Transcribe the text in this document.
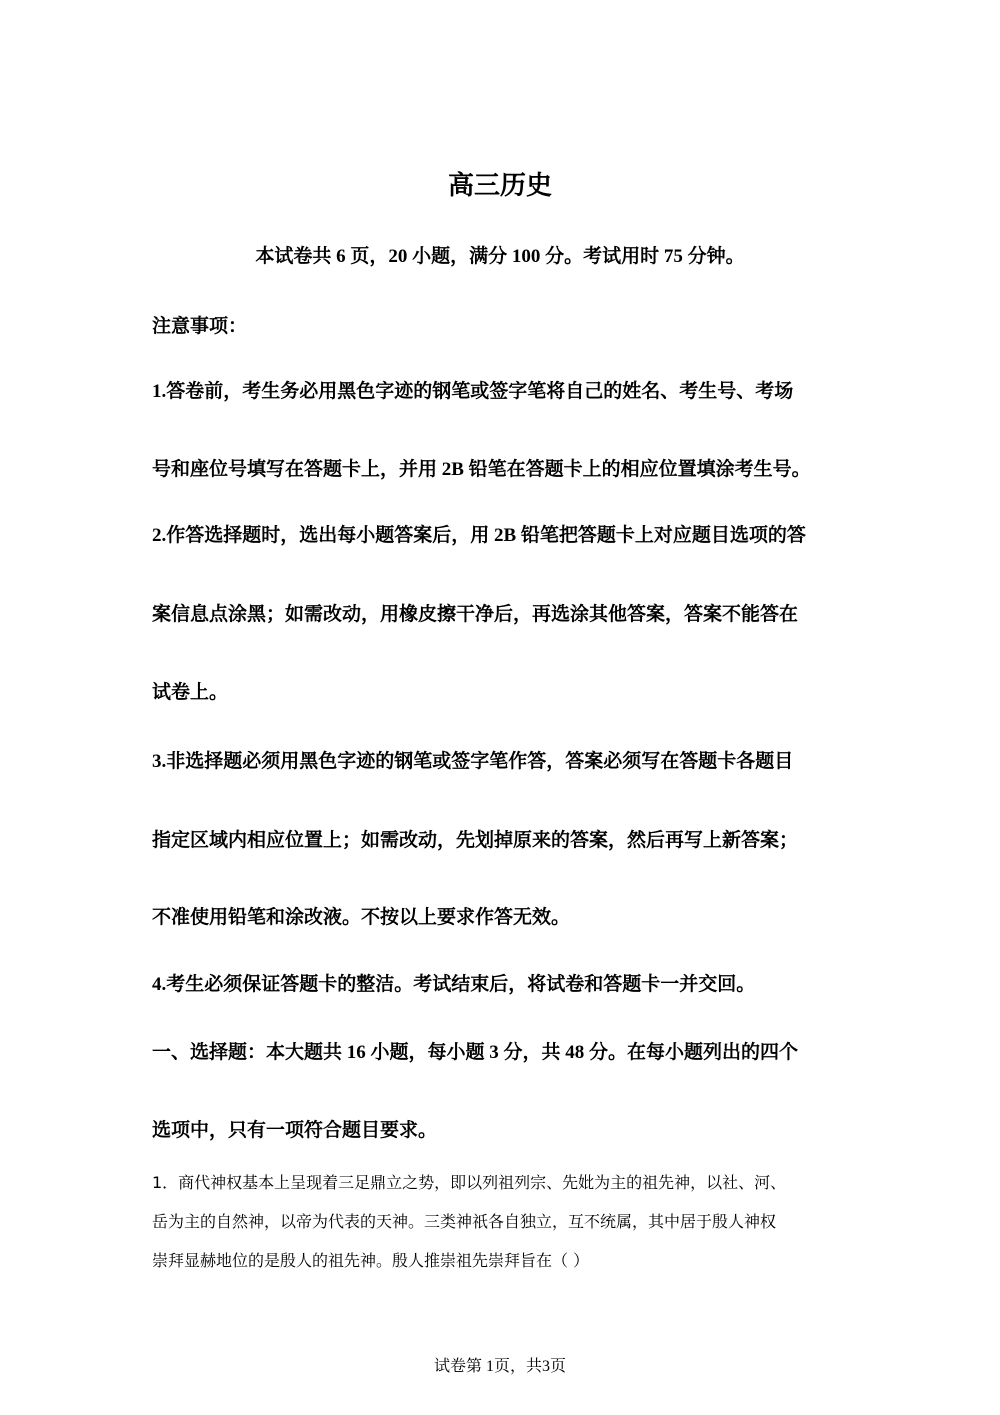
高三历史
本试卷共 6 页，20 小题，满分 100 分。考试用时 75 分钟。
注意事项：
1.答卷前，考生务必用黑色字迹的钢笔或签字笔将自己的姓名、考生号、考场
号和座位号填写在答题卡上，并用 2B 铅笔在答题卡上的相应位置填涂考生号。
2.作答选择题时，选出每小题答案后，用 2B 铅笔把答题卡上对应题目选项的答
案信息点涂黑；如需改动，用橡皮擦干净后，再选涂其他答案，答案不能答在
试卷上。
3.非选择题必须用黑色字迹的钢笔或签字笔作答，答案必须写在答题卡各题目
指定区域内相应位置上；如需改动，先划掉原来的答案，然后再写上新答案；
不准使用铅笔和涂改液。不按以上要求作答无效。
4.考生必须保证答题卡的整洁。考试结束后，将试卷和答题卡一并交回。
一、选择题：本大题共 16 小题，每小题 3 分，共 48 分。在每小题列出的四个
选项中，只有一项符合题目要求。
1．商代神权基本上呈现着三足鼎立之势，即以列祖列宗、先妣为主的祖先神，以社、河、
岳为主的自然神，以帝为代表的天神。三类神祇各自独立，互不统属，其中居于殷人神权
崇拜显赫地位的是殷人的祖先神。殷人推崇祖先崇拜旨在（ ）
试卷第 1页，共3页
